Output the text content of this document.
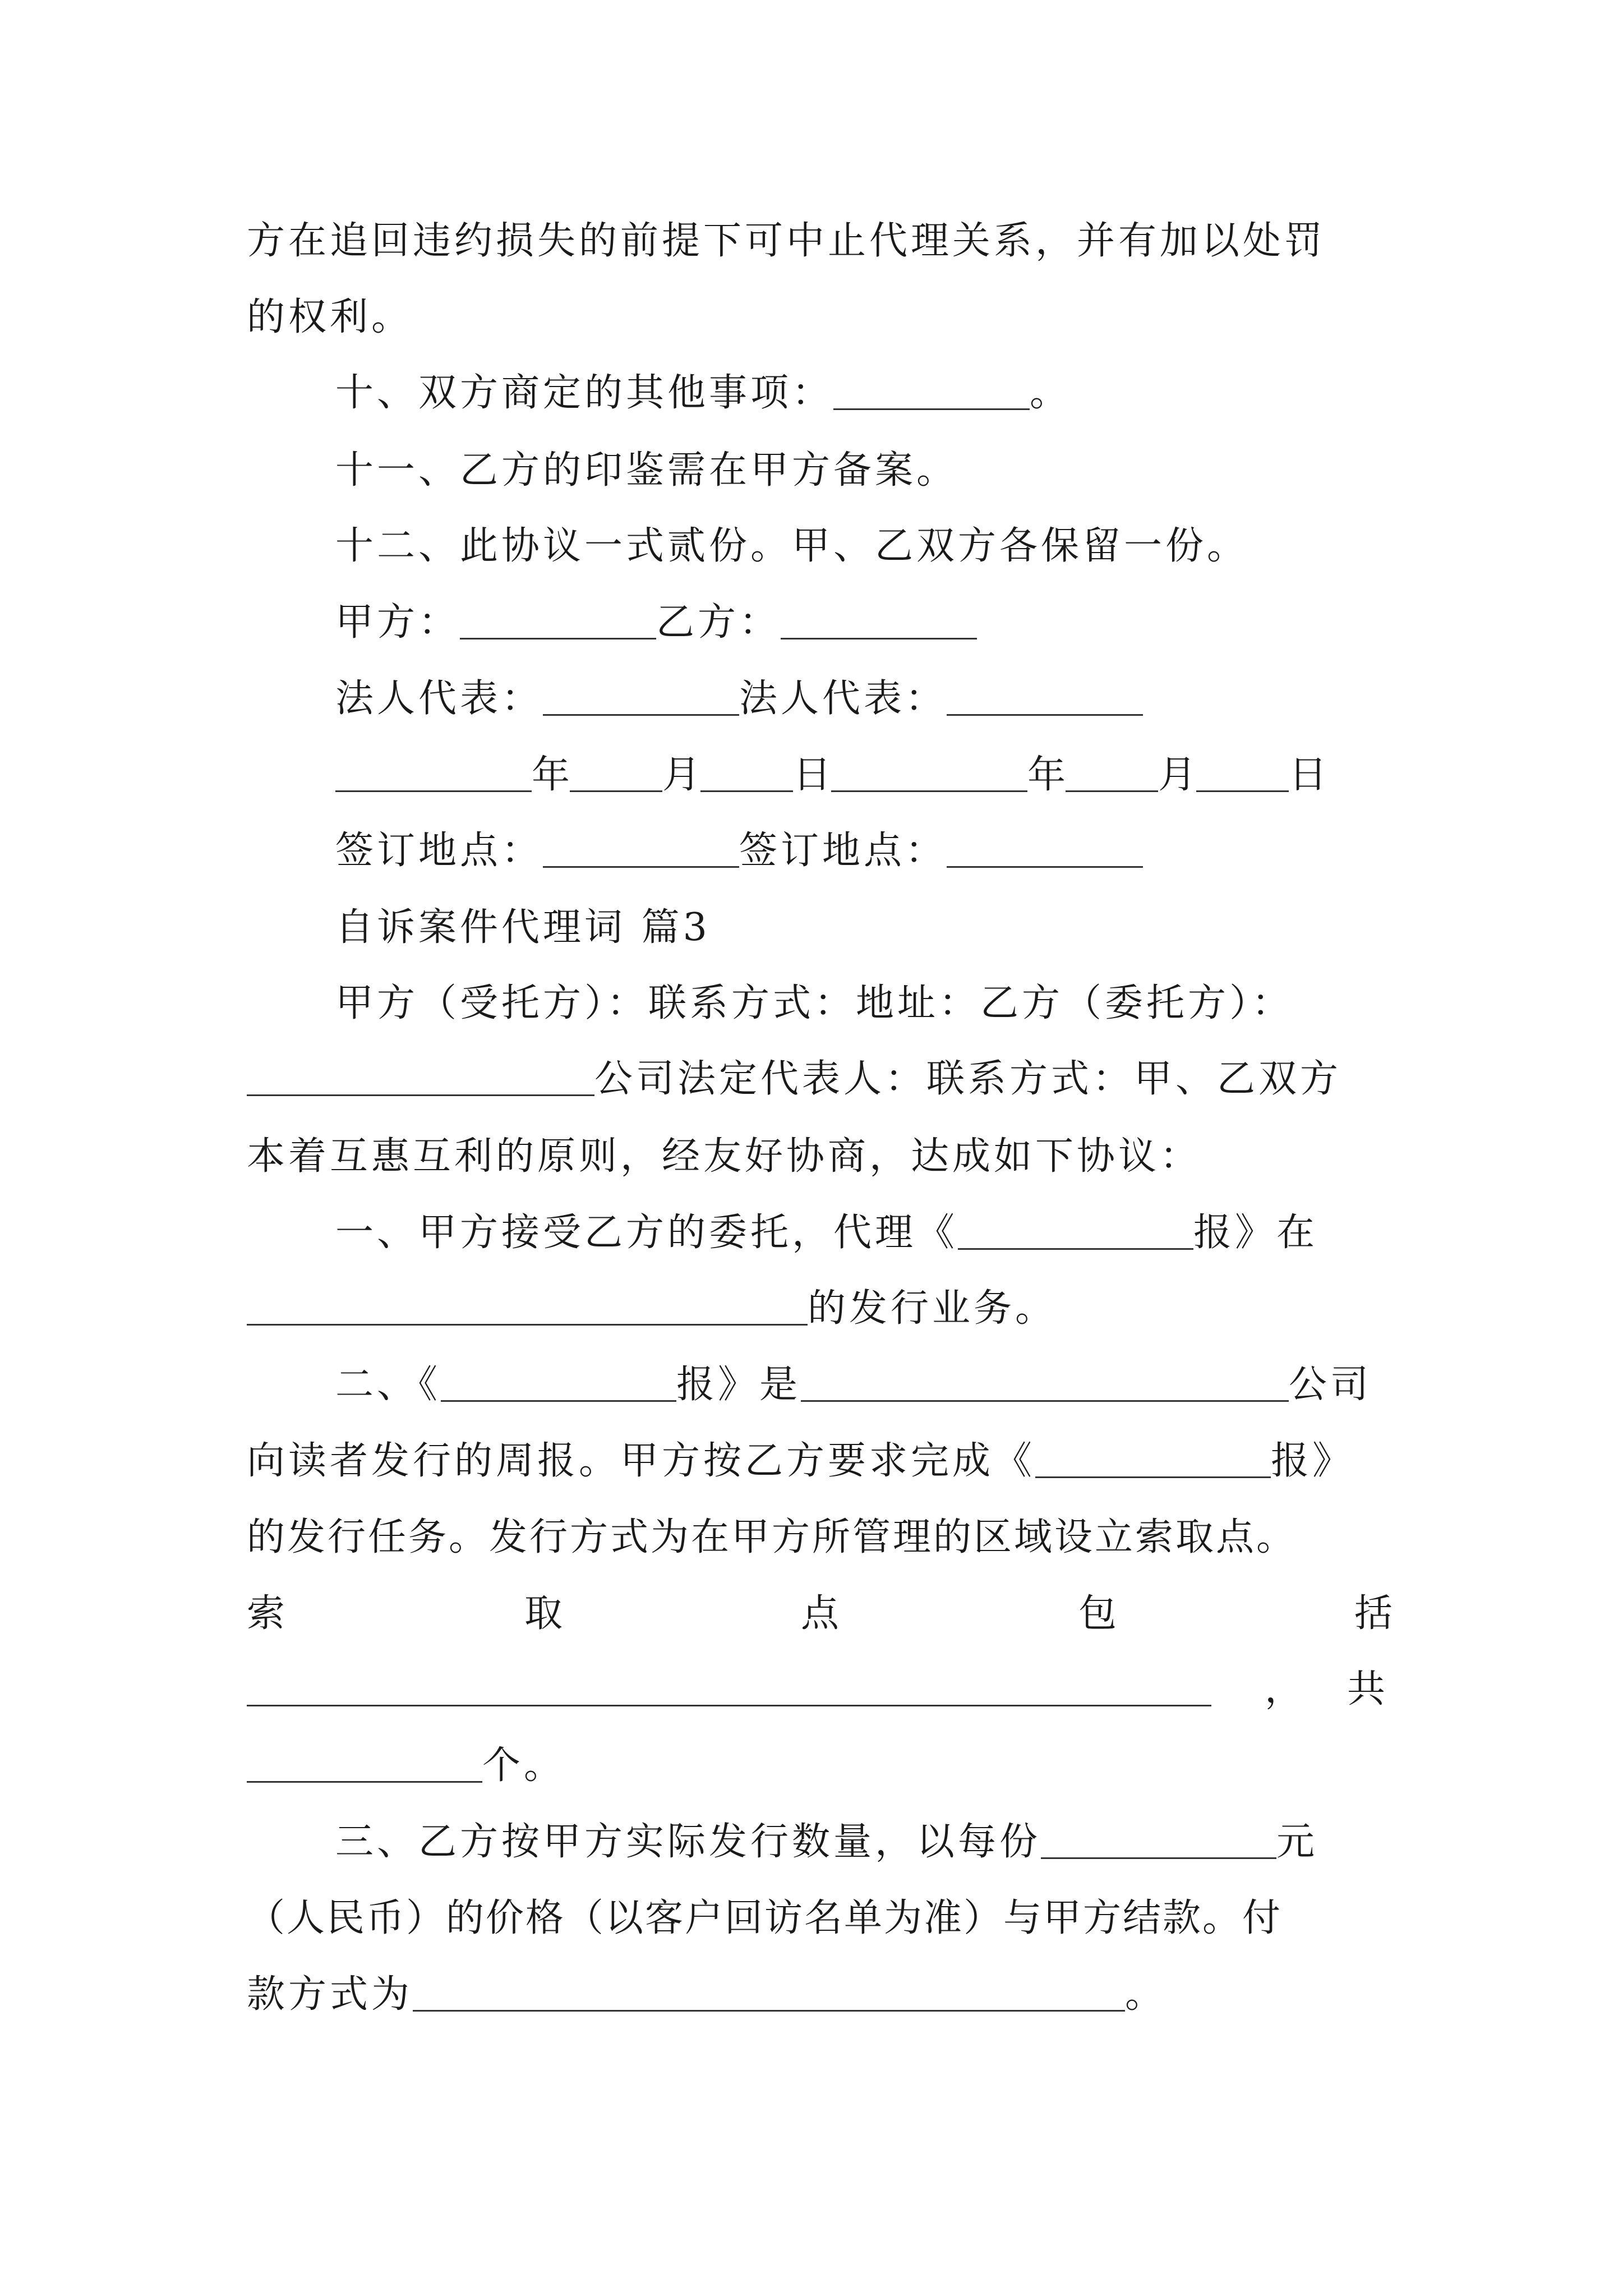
方在追回违约损失的前提下可中止代理关系，并有加以处罚
的权利。
十、双方商定的其他事项：	。
十一、乙方的印鉴需在甲方备案。
十二、此协议一式贰份。甲、乙双方各保留一份。
甲方：	乙方：
法人代表：	法人代表：
年 月 日	年 月 日
签订地点：	签订地点：
自诉案件代理词 篇3
甲方（受托方）：联系方式：地址：乙方（委托方）：
公司法定代表人：联系方式：甲、乙双方
本着互惠互利的原则，经友好协商，达成如下协议：
一、甲方接受乙方的委托，代理《	报》在
的发行业务。
二、《	报》是	公司
向读者发行的周报。甲方按乙方要求完成《	报》
的发行任务。发行方式为在甲方所管理的区域设立索取点。
索	取	点	包	括
， 共
个。
三、乙方按甲方实际发行数量，以每份	元
（人民币）的价格（以客户回访名单为准）与甲方结款。付
款方式为	。
